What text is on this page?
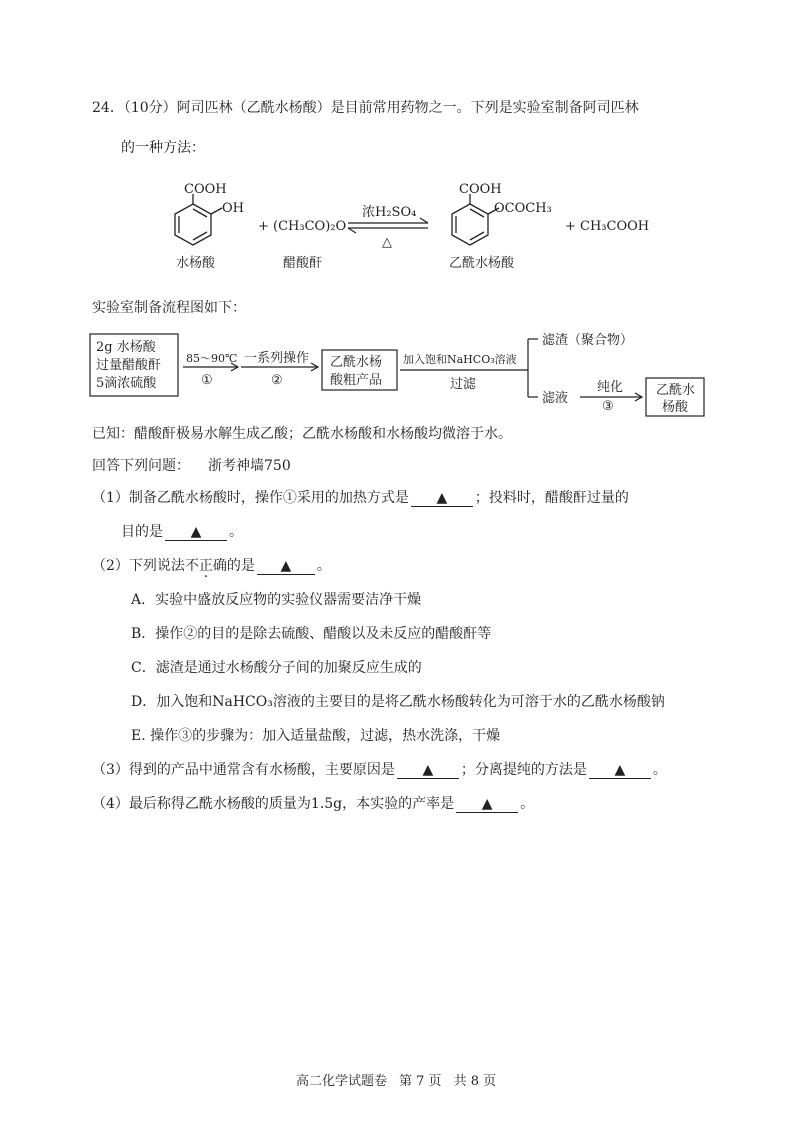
24．（10分）阿司匹林（乙酰水杨酸）是目前常用药物之一。下列是实验室制备阿司匹林
的一种方法：
COOH
OH
水杨酸
+ (CH₃CO)₂O
醋酸酐
浓H₂SO₄
△
COOH
OCOCH₃
乙酰水杨酸
+ CH₃COOH
2g 水杨酸
过量醋酸酐
5滴浓硫酸
85～90℃
①
一系列操作
②
乙酰水杨
酸粗产品
加入饱和NaHCO₃溶液
过滤
滤渣（聚合物）
滤液
纯化
③
乙酰水
杨酸
实验室制备流程图如下：
已知：醋酸酐极易水解生成乙酸；乙酰水杨酸和水杨酸均微溶于水。
回答下列问题： 浙考神墙750
（1）制备乙酰水杨酸时，操作①采用的加热方式是 ▲ ；投料时，醋酸酐过量的
目的是 ▲ 。
（2）下列说法不正确的是 ▲ 。
A．实验中盛放反应物的实验仪器需要洁净干燥
B．操作②的目的是除去硫酸、醋酸以及未反应的醋酸酐等
C．滤渣是通过水杨酸分子间的加聚反应生成的
D．加入饱和NaHCO₃溶液的主要目的是将乙酰水杨酸转化为可溶于水的乙酰水杨酸钠
E. 操作③的步骤为：加入适量盐酸，过滤，热水洗涤，干燥
（3）得到的产品中通常含有水杨酸，主要原因是 ▲ ；分离提纯的方法是 ▲ 。
（4）最后称得乙酰水杨酸的质量为1.5g，本实验的产率是 ▲ 。
高二化学试题卷 第 7 页 共 8 页
